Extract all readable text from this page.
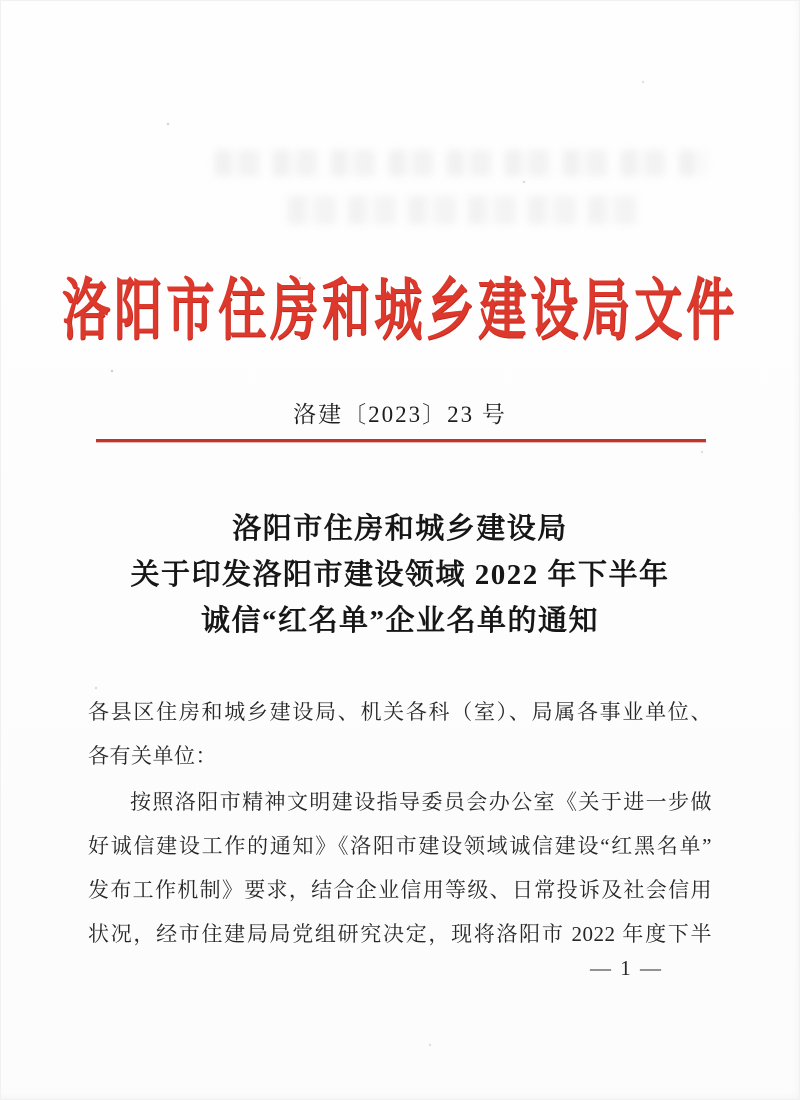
洛阳市住房和城乡建设局文件
洛建〔2023〕23 号
洛阳市住房和城乡建设局
关于印发洛阳市建设领域 2022 年下半年
诚信“红名单”企业名单的通知
各县区住房和城乡建设局、机关各科（室）、局属各事业单位、
各有关单位：
按照洛阳市精神文明建设指导委员会办公室《关于进一步做
好诚信建设工作的通知》《洛阳市建设领域诚信建设“红黑名单”
发布工作机制》要求，结合企业信用等级、日常投诉及社会信用
状况，经市住建局局党组研究决定，现将洛阳市 2022 年度下半
— 1 —
